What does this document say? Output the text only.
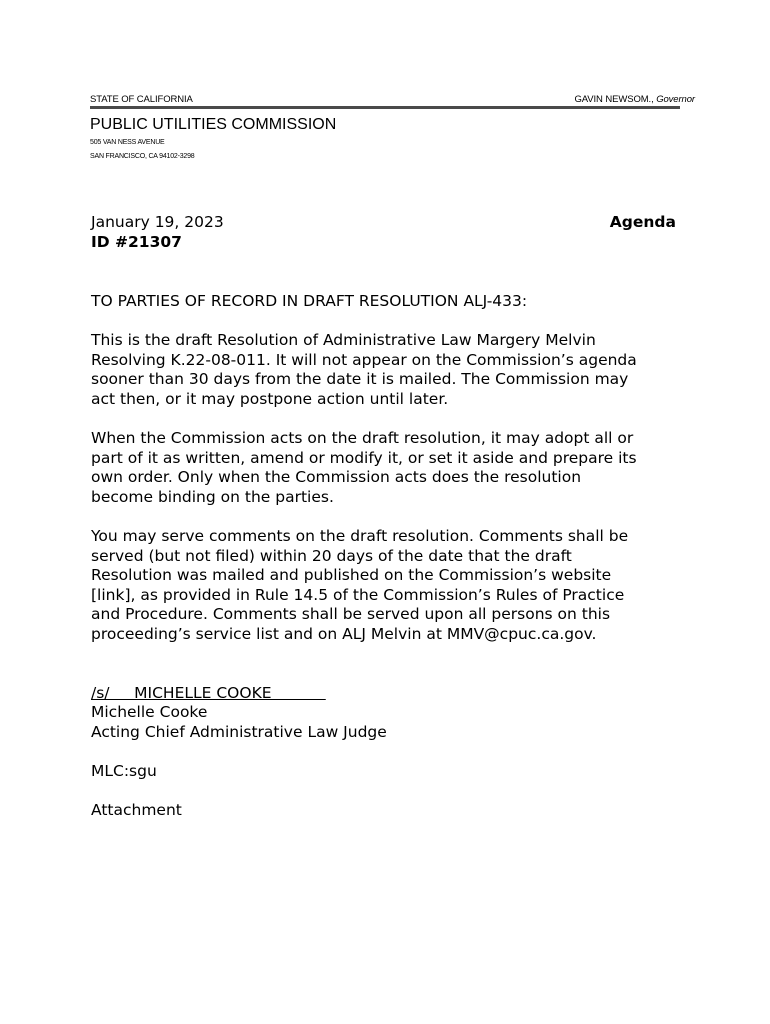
STATE OF CALIFORNIA	GAVIN NEWSOM., Governor
PUBLIC UTILITIES COMMISSION
505 VAN NESS AVENUE
SAN FRANCISCO, CA 94102-3298
January 19, 2023
ID #21307
Agenda
TO PARTIES OF RECORD IN DRAFT RESOLUTION ALJ-433:
This is the draft Resolution of Administrative Law Margery Melvin
Resolving K.22-08-011. It will not appear on the Commission’s agenda
sooner than 30 days from the date it is mailed. The Commission may
act then, or it may postpone action until later.
When the Commission acts on the draft resolution, it may adopt all or
part of it as written, amend or modify it, or set it aside and prepare its
own order. Only when the Commission acts does the resolution
become binding on the parties.
You may serve comments on the draft resolution. Comments shall be
served (but not filed) within 20 days of the date that the draft
Resolution was mailed and published on the Commission’s website
[link], as provided in Rule 14.5 of the Commission’s Rules of Practice
and Procedure. Comments shall be served upon all persons on this
proceeding’s service list and on ALJ Melvin at MMV@cpuc.ca.gov.
/s/     MICHELLE COOKE
Michelle Cooke
Acting Chief Administrative Law Judge
MLC:sgu
Attachment
